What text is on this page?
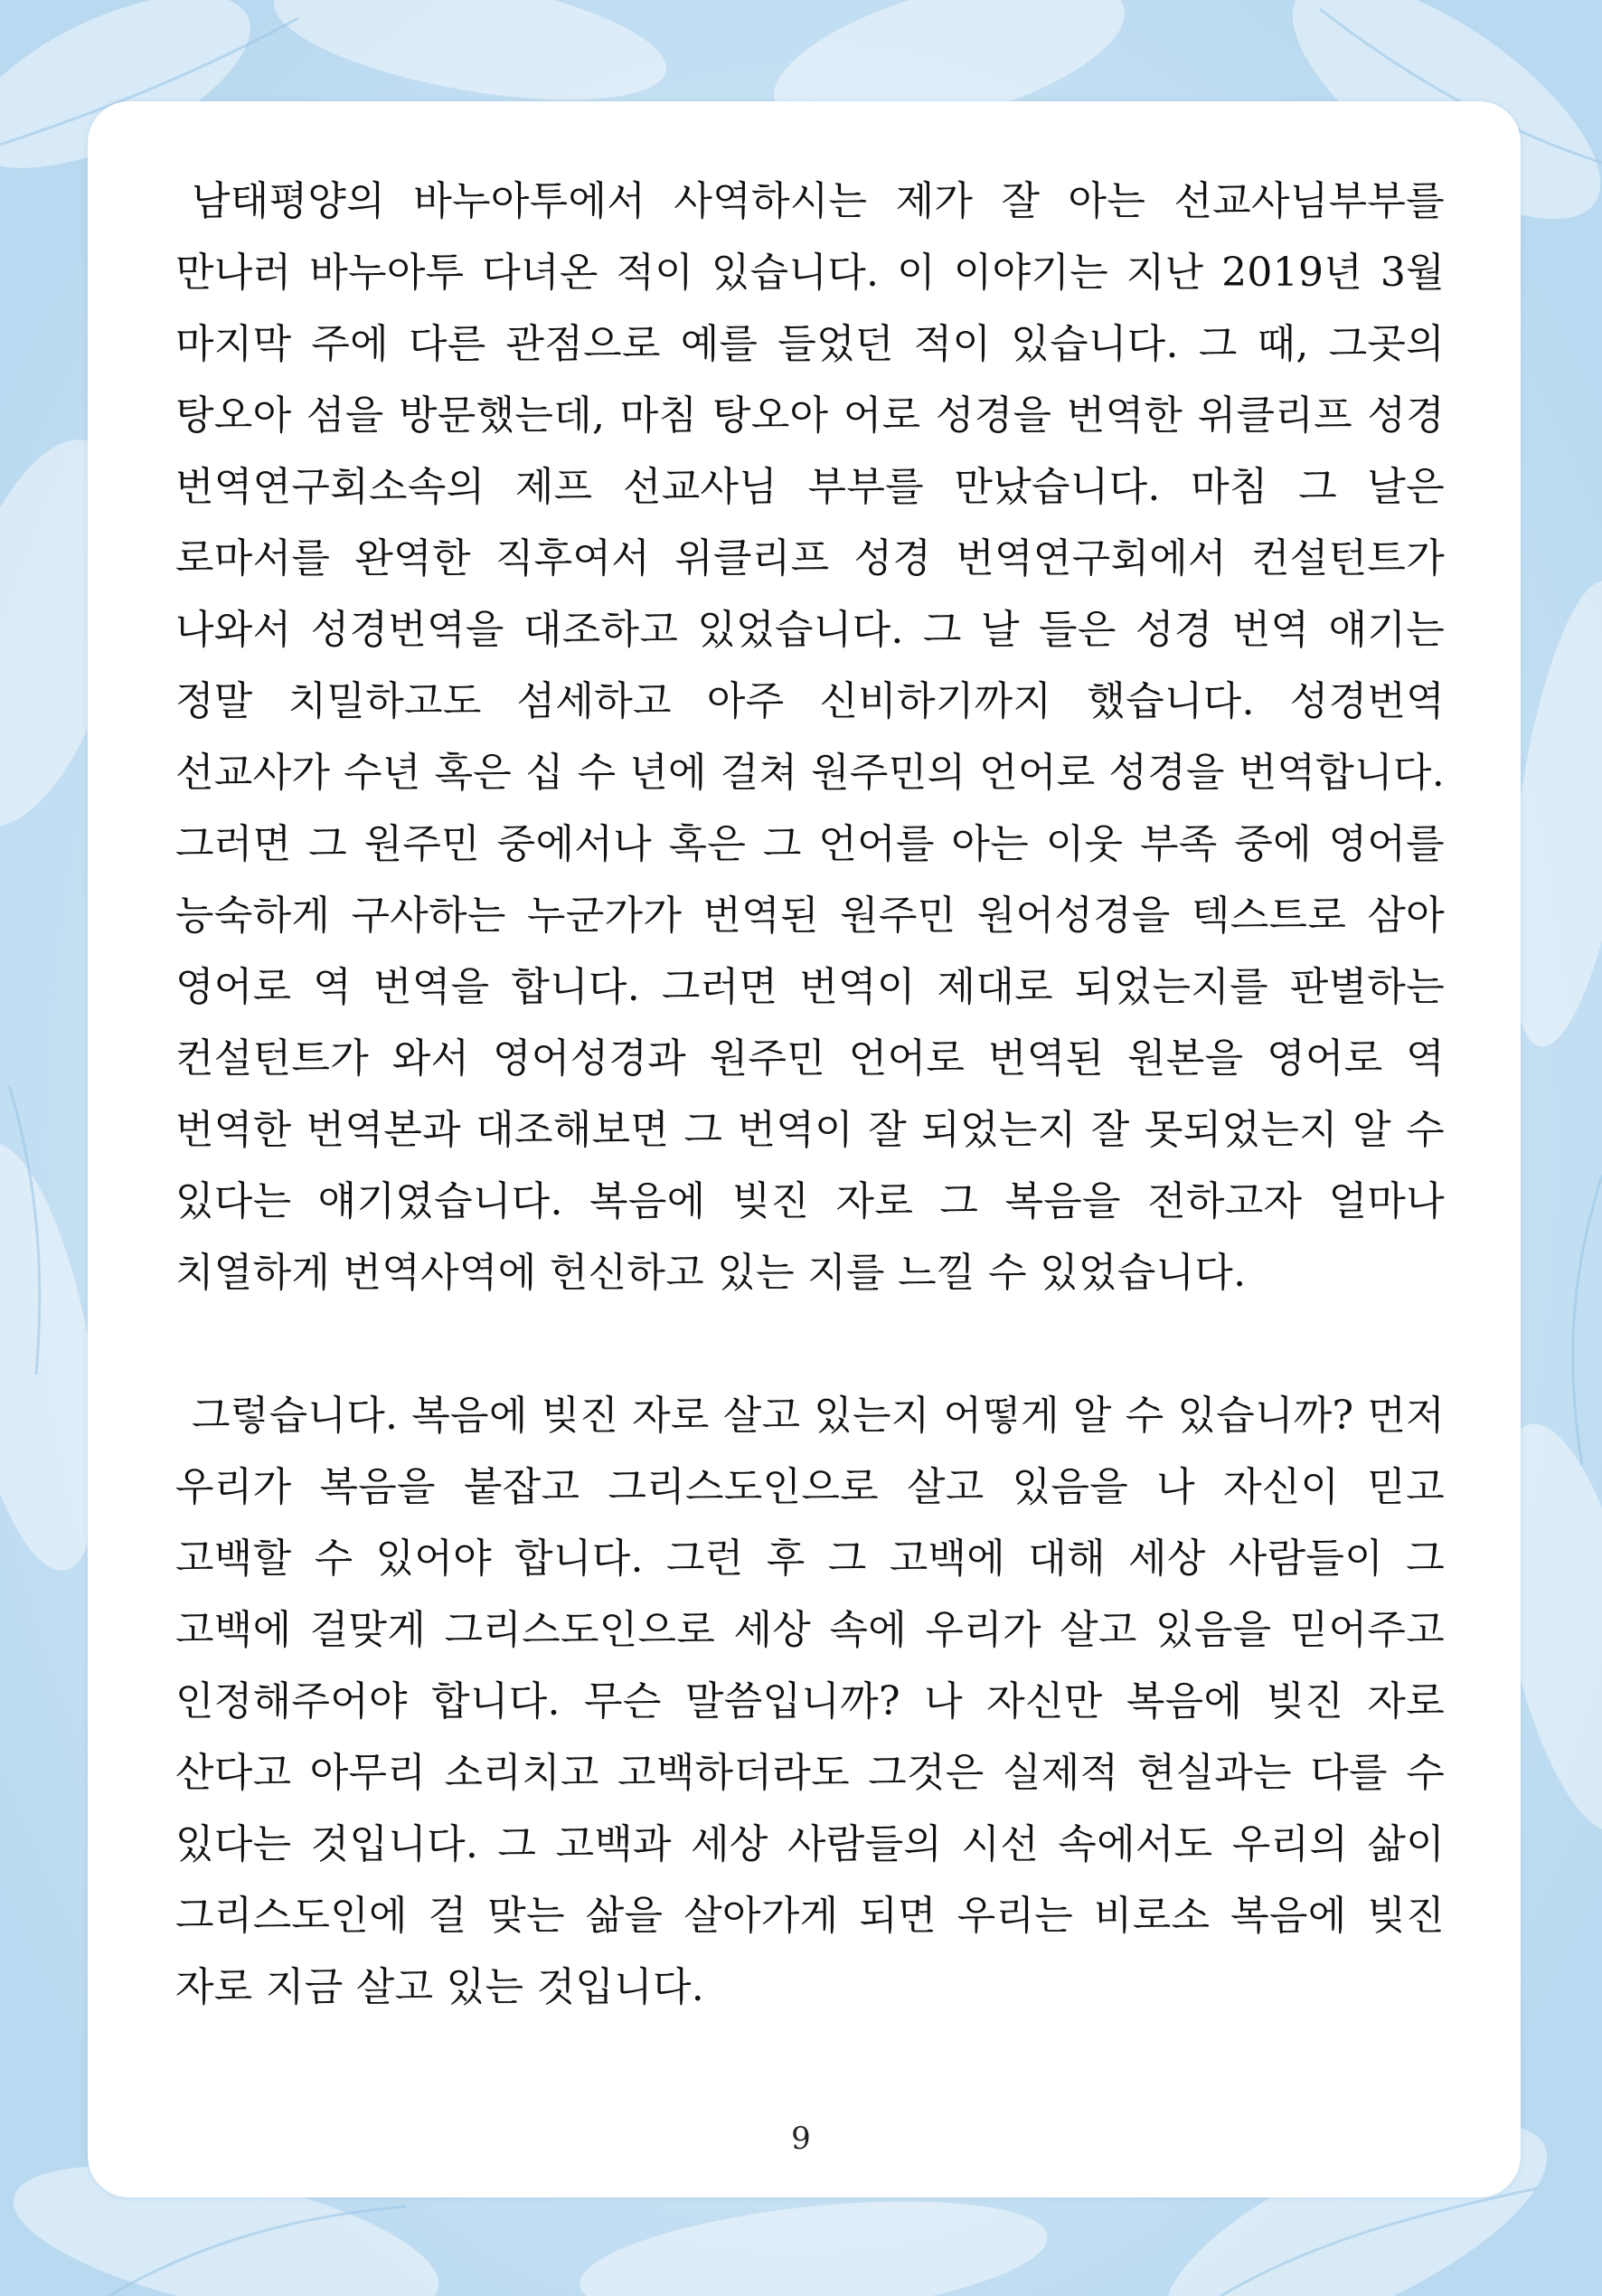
남태평양의 바누아투에서 사역하시는 제가 잘 아는 선교사님부부를 만나러 바누아투 다녀온 적이 있습니다. 이 이야기는 지난 2019년 3월 마지막 주에 다른 관점으로 예를 들었던 적이 있습니다. 그 때, 그곳의 탕오아 섬을 방문했는데, 마침 탕오아 어로 성경을 번역한 위클리프 성경 번역연구회소속의 제프 선교사님 부부를 만났습니다. 마침 그 날은 로마서를 완역한 직후여서 위클리프 성경 번역연구회에서 컨설턴트가 나와서 성경번역을 대조하고 있었습니다. 그 날 들은 성경 번역 얘기는 정말 치밀하고도 섬세하고 아주 신비하기까지 했습니다. 성경번역 선교사가 수년 혹은 십 수 년에 걸쳐 원주민의 언어로 성경을 번역합니다. 그러면 그 원주민 중에서나 혹은 그 언어를 아는 이웃 부족 중에 영어를 능숙하게 구사하는 누군가가 번역된 원주민 원어성경을 텍스트로 삼아 영어로 역 번역을 합니다. 그러면 번역이 제대로 되었는지를 판별하는 컨설턴트가 와서 영어성경과 원주민 언어로 번역된 원본을 영어로 역 번역한 번역본과 대조해보면 그 번역이 잘 되었는지 잘 못되었는지 알 수 있다는 얘기였습니다. 복음에 빚진 자로 그 복음을 전하고자 얼마나 치열하게 번역사역에 헌신하고 있는 지를 느낄 수 있었습니다.

그렇습니다. 복음에 빚진 자로 살고 있는지 어떻게 알 수 있습니까? 먼저 우리가 복음을 붙잡고 그리스도인으로 살고 있음을 나 자신이 믿고 고백할 수 있어야 합니다. 그런 후 그 고백에 대해 세상 사람들이 그 고백에 걸맞게 그리스도인으로 세상 속에 우리가 살고 있음을 믿어주고 인정해주어야 합니다. 무슨 말씀입니까? 나 자신만 복음에 빚진 자로 산다고 아무리 소리치고 고백하더라도 그것은 실제적 현실과는 다를 수 있다는 것입니다. 그 고백과 세상 사람들의 시선 속에서도 우리의 삶이 그리스도인에 걸 맞는 삶을 살아가게 되면 우리는 비로소 복음에 빚진 자로 지금 살고 있는 것입니다.

9
